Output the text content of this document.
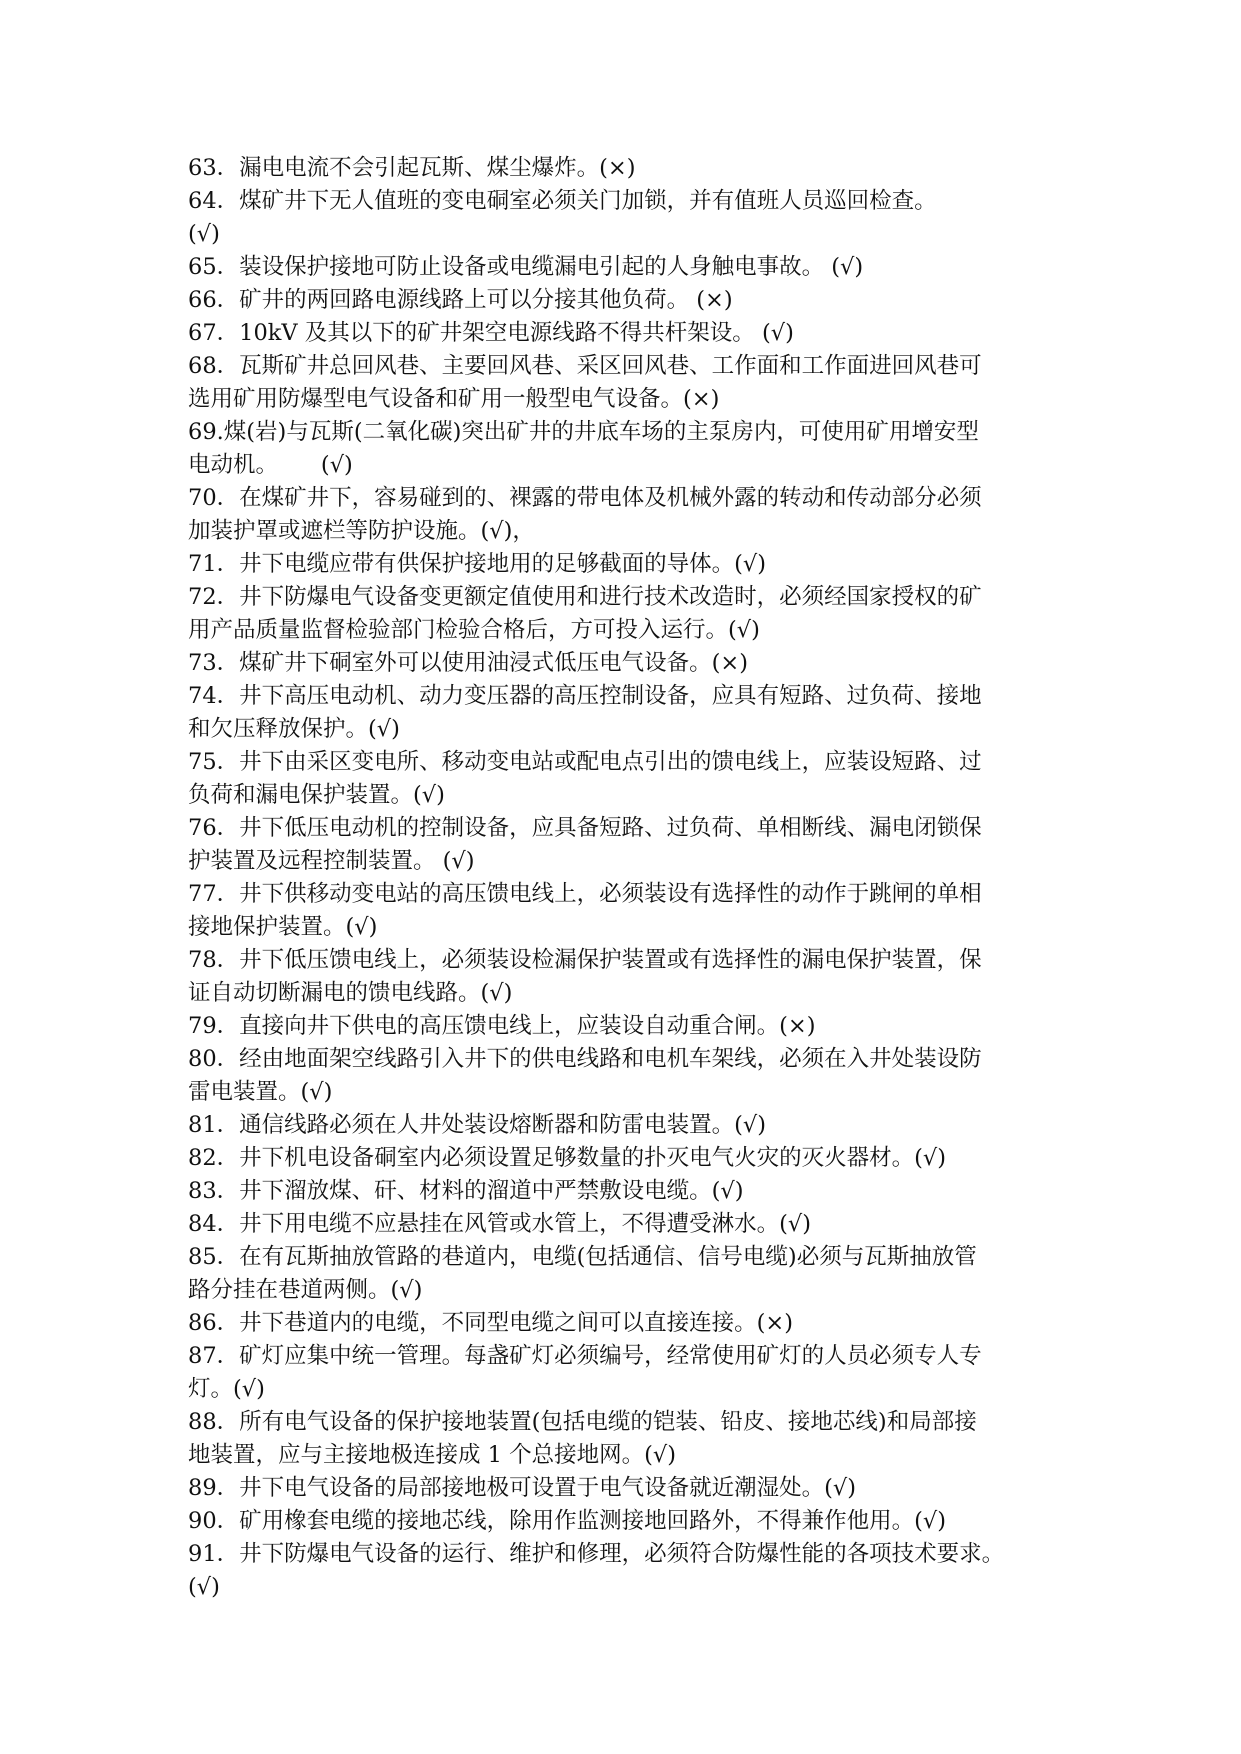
63．漏电电流不会引起瓦斯、煤尘爆炸。(×)
64．煤矿井下无人值班的变电硐室必须关门加锁，并有值班人员巡回检查。
(√)
65．装设保护接地可防止设备或电缆漏电引起的人身触电事故。 (√)
66．矿井的两回路电源线路上可以分接其他负荷。 (×)
67．10kV 及其以下的矿井架空电源线路不得共杆架设。 (√)
68．瓦斯矿井总回风巷、主要回风巷、采区回风巷、工作面和工作面进回风巷可
选用矿用防爆型电气设备和矿用一般型电气设备。(×)
69.煤(岩)与瓦斯(二氧化碳)突出矿井的井底车场的主泵房内，可使用矿用增安型
电动机。      (√)
70．在煤矿井下，容易碰到的、裸露的带电体及机械外露的转动和传动部分必须
加装护罩或遮栏等防护设施。(√)，
71．井下电缆应带有供保护接地用的足够截面的导体。(√)
72．井下防爆电气设备变更额定值使用和进行技术改造时，必须经国家授权的矿
用产品质量监督检验部门检验合格后，方可投入运行。(√)
73．煤矿井下硐室外可以使用油浸式低压电气设备。(×)
74．井下高压电动机、动力变压器的高压控制设备，应具有短路、过负荷、接地
和欠压释放保护。(√)
75．井下由采区变电所、移动变电站或配电点引出的馈电线上，应装设短路、过
负荷和漏电保护装置。(√)
76．井下低压电动机的控制设备，应具备短路、过负荷、单相断线、漏电闭锁保
护装置及远程控制装置。 (√)
77．井下供移动变电站的高压馈电线上，必须装设有选择性的动作于跳闸的单相
接地保护装置。(√)
78．井下低压馈电线上，必须装设检漏保护装置或有选择性的漏电保护装置，保
证自动切断漏电的馈电线路。(√)
79．直接向井下供电的高压馈电线上，应装设自动重合闸。(×)
80．经由地面架空线路引入井下的供电线路和电机车架线，必须在入井处装设防
雷电装置。(√)
81．通信线路必须在人井处装设熔断器和防雷电装置。(√)
82．井下机电设备硐室内必须设置足够数量的扑灭电气火灾的灭火器材。(√)
83．井下溜放煤、矸、材料的溜道中严禁敷设电缆。(√)
84．井下用电缆不应悬挂在风管或水管上，不得遭受淋水。(√)
85．在有瓦斯抽放管路的巷道内，电缆(包括通信、信号电缆)必须与瓦斯抽放管
路分挂在巷道两侧。(√)
86．井下巷道内的电缆，不同型电缆之间可以直接连接。(×)
87．矿灯应集中统一管理。每盏矿灯必须编号，经常使用矿灯的人员必须专人专
灯。(√)
88．所有电气设备的保护接地装置(包括电缆的铠装、铅皮、接地芯线)和局部接
地装置，应与主接地极连接成 1 个总接地网。(√)
89．井下电气设备的局部接地极可设置于电气设备就近潮湿处。(√)
90．矿用橡套电缆的接地芯线，除用作监测接地回路外，不得兼作他用。(√)
91．井下防爆电气设备的运行、维护和修理，必须符合防爆性能的各项技术要求。
(√)
